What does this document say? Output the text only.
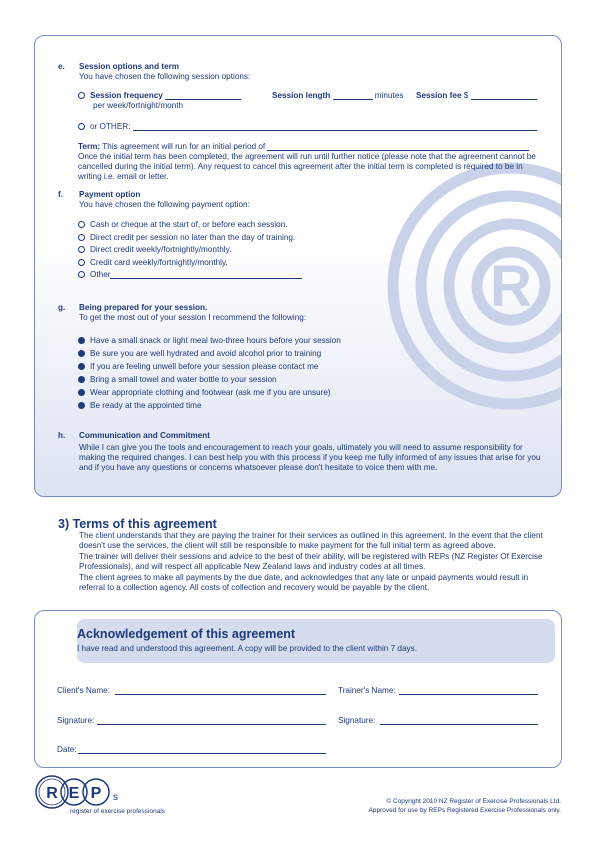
R
e. Session options and term
You have chosen the following session options:
Session frequency
per week/fortnight/month
Session length	minutes Session fee $
or OTHER:
Term: This agreement will run for an initial period of
Once the initial term has been completed, the agreement will run until further notice (please note that the agreement cannot be cancelled during the initial term). Any request to cancel this agreement after the initial term is completed is required to be in writing i.e. email or letter.
f. Payment option
You have chosen the following payment option:
Cash or cheque at the start of, or before each session.
Direct credit per session no later than the day of training.
Direct credit weekly/fortnightly/monthly.
Credit card weekly/fortnightly/monthly.
Other
g. Being prepared for your session.
To get the most out of your session I recommend the following:
Have a small snack or light meal two-three hours before your session
Be sure you are well hydrated and avoid alcohol prior to training
If you are feeling unwell before your session please contact me
Bring a small towel and water bottle to your session
Wear appropriate clothing and footwear (ask me if you are unsure)
Be ready at the appointed time
h. Communication and Commitment
While I can give you the tools and encouragement to reach your goals, ultimately you will need to assume responsibility for making the required changes. I can best help you with this process if you keep me fully informed of any issues that arise for you and if you have any questions or concerns whatsoever please don't hesitate to voice them with me.
3) Terms of this agreement
The client understands that they are paying the trainer for their services as outlined in this agreement. In the event that the client doesn't use the services, the client will still be responsible to make payment for the full initial term as agreed above.
The trainer will deliver their sessions and advice to the best of their ability, will be registered with REPs (NZ Register Of Exercise Professionals), and will respect all applicable New Zealand laws and industry codes at all times.
The client agrees to make all payments by the due date, and acknowledges that any late or unpaid payments would result in referral to a collection agency. All costs of collection and recovery would be payable by the client.
Acknowledgement of this agreement
I have read and understood this agreement. A copy will be provided to the client within 7 days.
Client's Name:	Trainer's Name:
Signature:	Signature:
Date:
R E P s
register of exercise professionals
© Copyright 2010 NZ Register of Exercise Professionals Ltd.
Approved for use by REPs Registered Exercise Professionals only.
